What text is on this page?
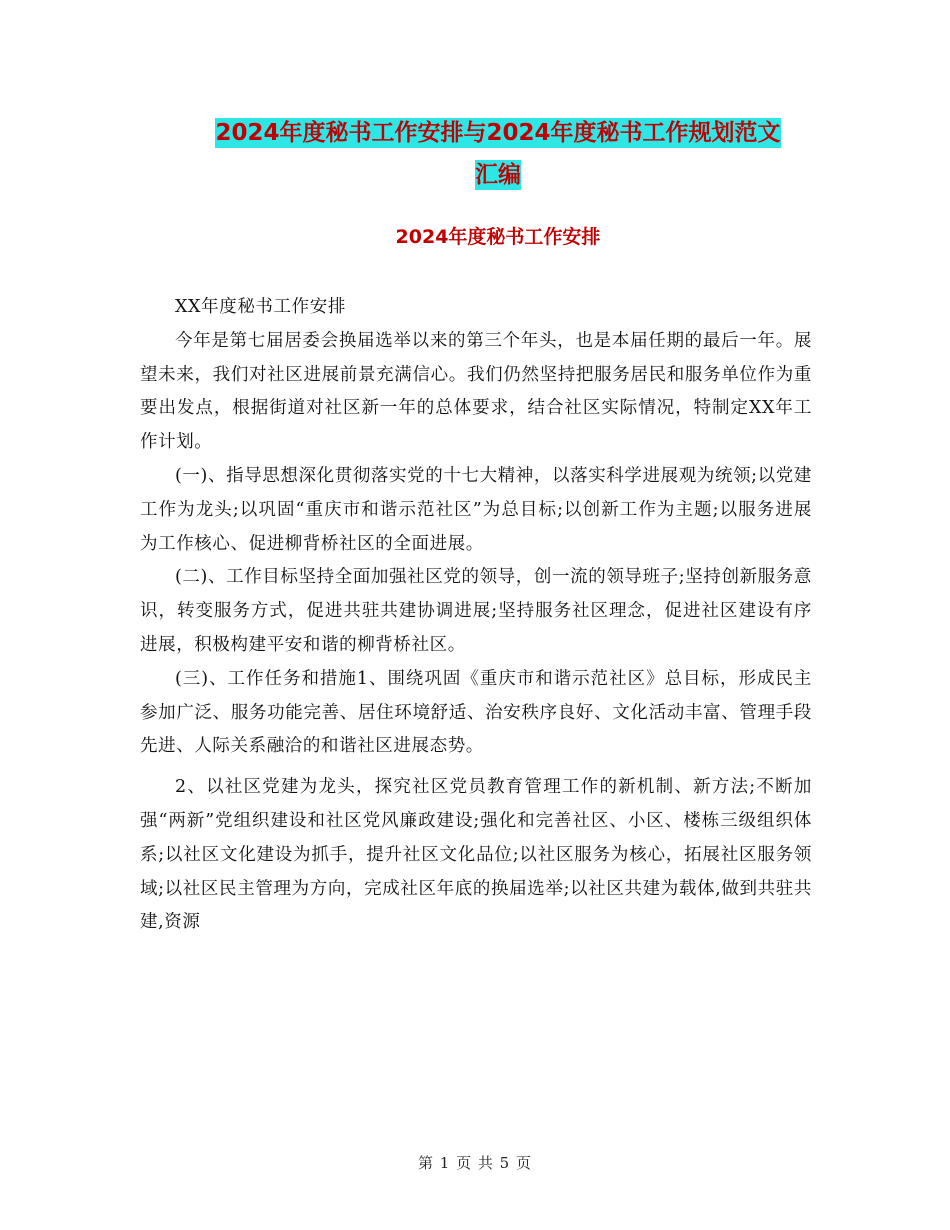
2024年度秘书工作安排与2024年度秘书工作规划范文
汇编
2024年度秘书工作安排

XX年度秘书工作安排

今年是第七届居委会换届选举以来的第三个年头，也是本届任期的最后一年。展望未来，我们对社区进展前景充满信心。我们仍然坚持把服务居民和服务单位作为重要出发点，根据街道对社区新一年的总体要求，结合社区实际情况，特制定XX年工作计划。

(一)、指导思想深化贯彻落实党的十七大精神，以落实科学进展观为统领;以党建工作为龙头;以巩固“重庆市和谐示范社区”为总目标;以创新工作为主题;以服务进展为工作核心、促进柳背桥社区的全面进展。

(二)、工作目标坚持全面加强社区党的领导，创一流的领导班子;坚持创新服务意识，转变服务方式，促进共驻共建协调进展;坚持服务社区理念，促进社区建设有序进展，积极构建平安和谐的柳背桥社区。

(三)、工作任务和措施1、围绕巩固《重庆市和谐示范社区》总目标，形成民主参加广泛、服务功能完善、居住环境舒适、治安秩序良好、文化活动丰富、管理手段先进、人际关系融洽的和谐社区进展态势。

2、以社区党建为龙头，探究社区党员教育管理工作的新机制、新方法;不断加强“两新”党组织建设和社区党风廉政建设;强化和完善社区、小区、楼栋三级组织体系;以社区文化建设为抓手，提升社区文化品位;以社区服务为核心，拓展社区服务领域;以社区民主管理为方向，完成社区年底的换届选举;以社区共建为载体,做到共驻共建,资源

第 1 页 共 5 页
